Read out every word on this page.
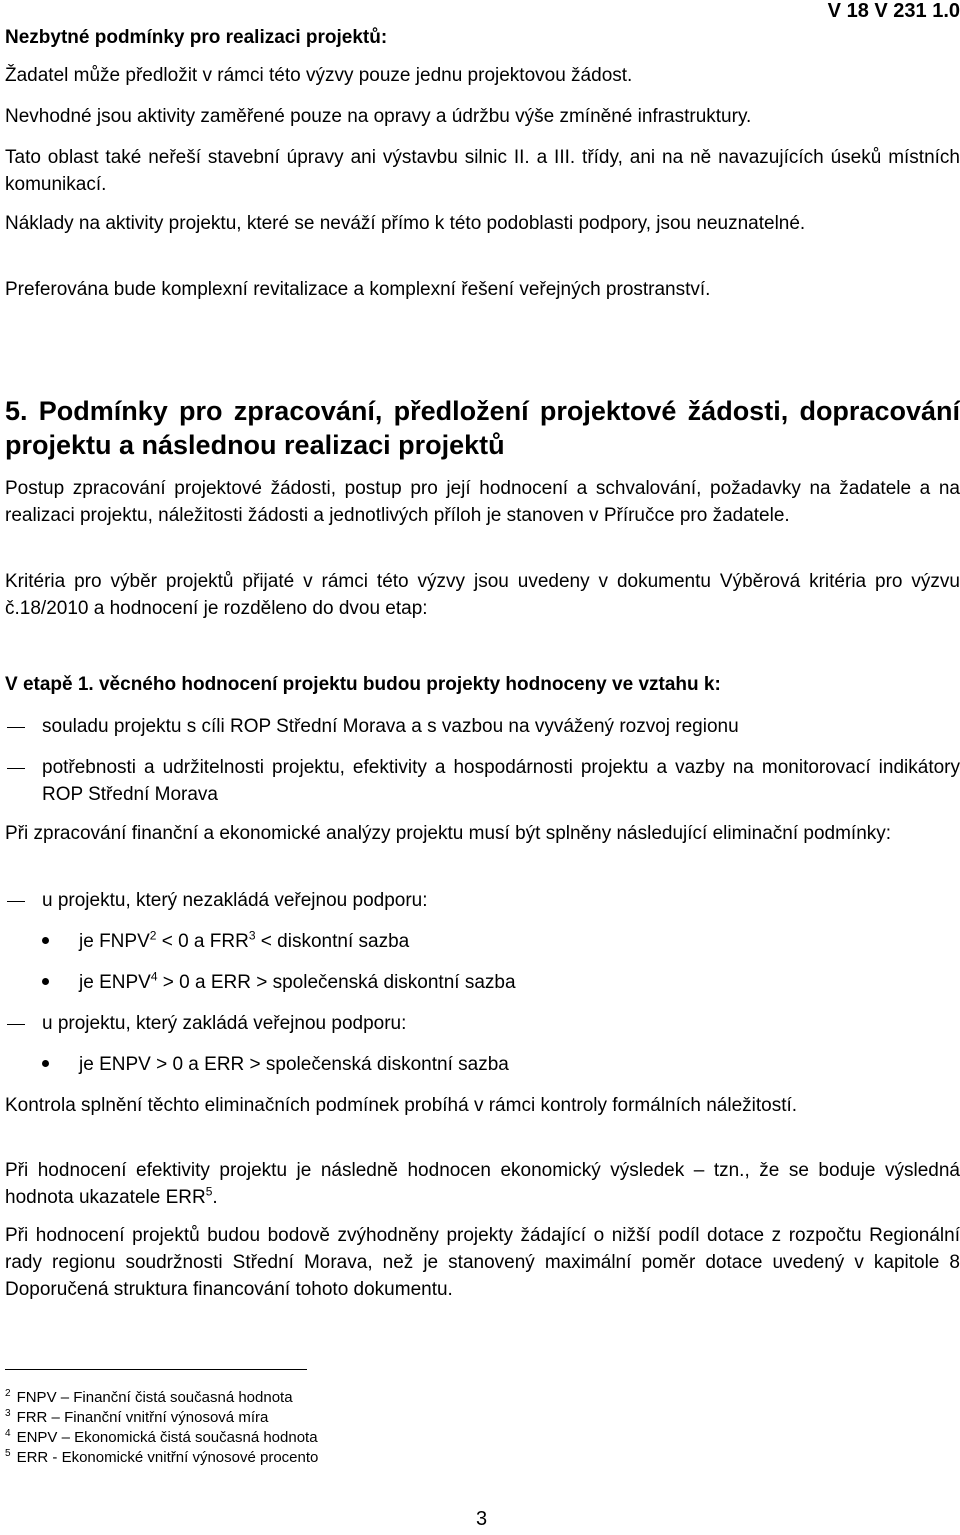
Nezbytné podmínky pro realizaci projektů:
V 18 V 231 1.0
Žadatel může předložit v rámci této výzvy pouze jednu projektovou žádost.
Nevhodné jsou aktivity zaměřené pouze na opravy a údržbu výše zmíněné infrastruktury.
Tato oblast také neřeší stavební úpravy ani výstavbu silnic II. a III. třídy, ani na ně navazujících úseků místních komunikací.
Náklady na aktivity projektu, které se neváží přímo k této podoblasti podpory, jsou neuznatelné.
Preferována bude komplexní revitalizace a komplexní řešení veřejných prostranství.
5. Podmínky pro zpracování, předložení projektové žádosti, dopracování projektu a následnou realizaci projektů
Postup zpracování projektové žádosti, postup pro její hodnocení a schvalování, požadavky na žadatele a na realizaci projektu, náležitosti žádosti a jednotlivých příloh je stanoven v Příručce pro žadatele.
Kritéria pro výběr projektů přijaté v rámci této výzvy jsou uvedeny v dokumentu Výběrová kritéria pro výzvu č.18/2010 a hodnocení je rozděleno do dvou etap:
V etapě 1. věcného hodnocení projektu budou projekty hodnoceny ve vztahu k:
souladu projektu s cíli ROP Střední Morava a s vazbou na vyvážený rozvoj regionu
potřebnosti a udržitelnosti projektu, efektivity a hospodárnosti projektu a vazby na monitorovací indikátory ROP Střední Morava
Při zpracování finanční a ekonomické analýzy projektu musí být splněny následující eliminační podmínky:
u projektu, který nezakládá veřejnou podporu:
je $FNPV^2 < 0$ a $FRR^3$ < diskontní sazba
je $ENPV^4 > 0$ a ERR > společenská diskontní sazba
u projektu, který zakládá veřejnou podporu:
je ENPV > 0 a ERR > společenská diskontní sazba
Kontrola splnění těchto eliminačních podmínek probíhá v rámci kontroly formálních náležitostí.
Při hodnocení efektivity projektu je následně hodnocen ekonomický výsledek – tzn., že se boduje výsledná hodnota ukazatele ERR$^5$.
Při hodnocení projektů budou bodově zvýhodněny projekty žádající o nižší podíl dotace z rozpočtu Regionální rady regionu soudržnosti Střední Morava, než je stanovený maximální poměr dotace uvedený v kapitole 8 Doporučená struktura financování tohoto dokumentu.
$^2$ FNPV – Finanční čistá současná hodnota
$^3$ FRR – Finanční vnitřní výnosová míra
$^4$ ENPV – Ekonomická čistá současná hodnota
$^5$ ERR - Ekonomické vnitřní výnosové procento
3
